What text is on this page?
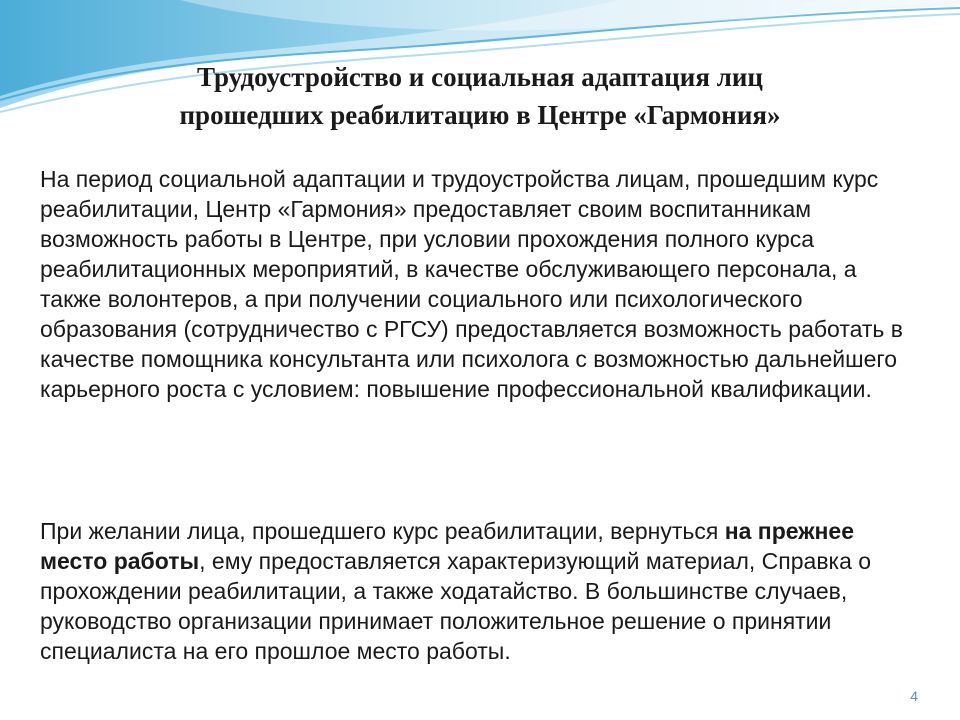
Трудоустройство и социальная адаптация лиц
прошедших реабилитацию в Центре «Гармония»

На период социальной адаптации и трудоустройства лицам, прошедшим курс реабилитации, Центр «Гармония» предоставляет своим воспитанникам возможность работы в Центре, при условии прохождения полного курса реабилитационных мероприятий, в качестве обслуживающего персонала, а также волонтеров, а при получении социального или психологического образования (сотрудничество с РГСУ) предоставляется возможность работать в качестве помощника консультанта или психолога с возможностью дальнейшего карьерного роста с условием: повышение профессиональной квалификации.

При желании лица, прошедшего курс реабилитации, вернуться на прежнее место работы, ему предоставляется характеризующий материал, Справка о прохождении реабилитации, а также ходатайство. В большинстве случаев, руководство организации принимает положительное решение о принятии специалиста на его прошлое место работы.

4
